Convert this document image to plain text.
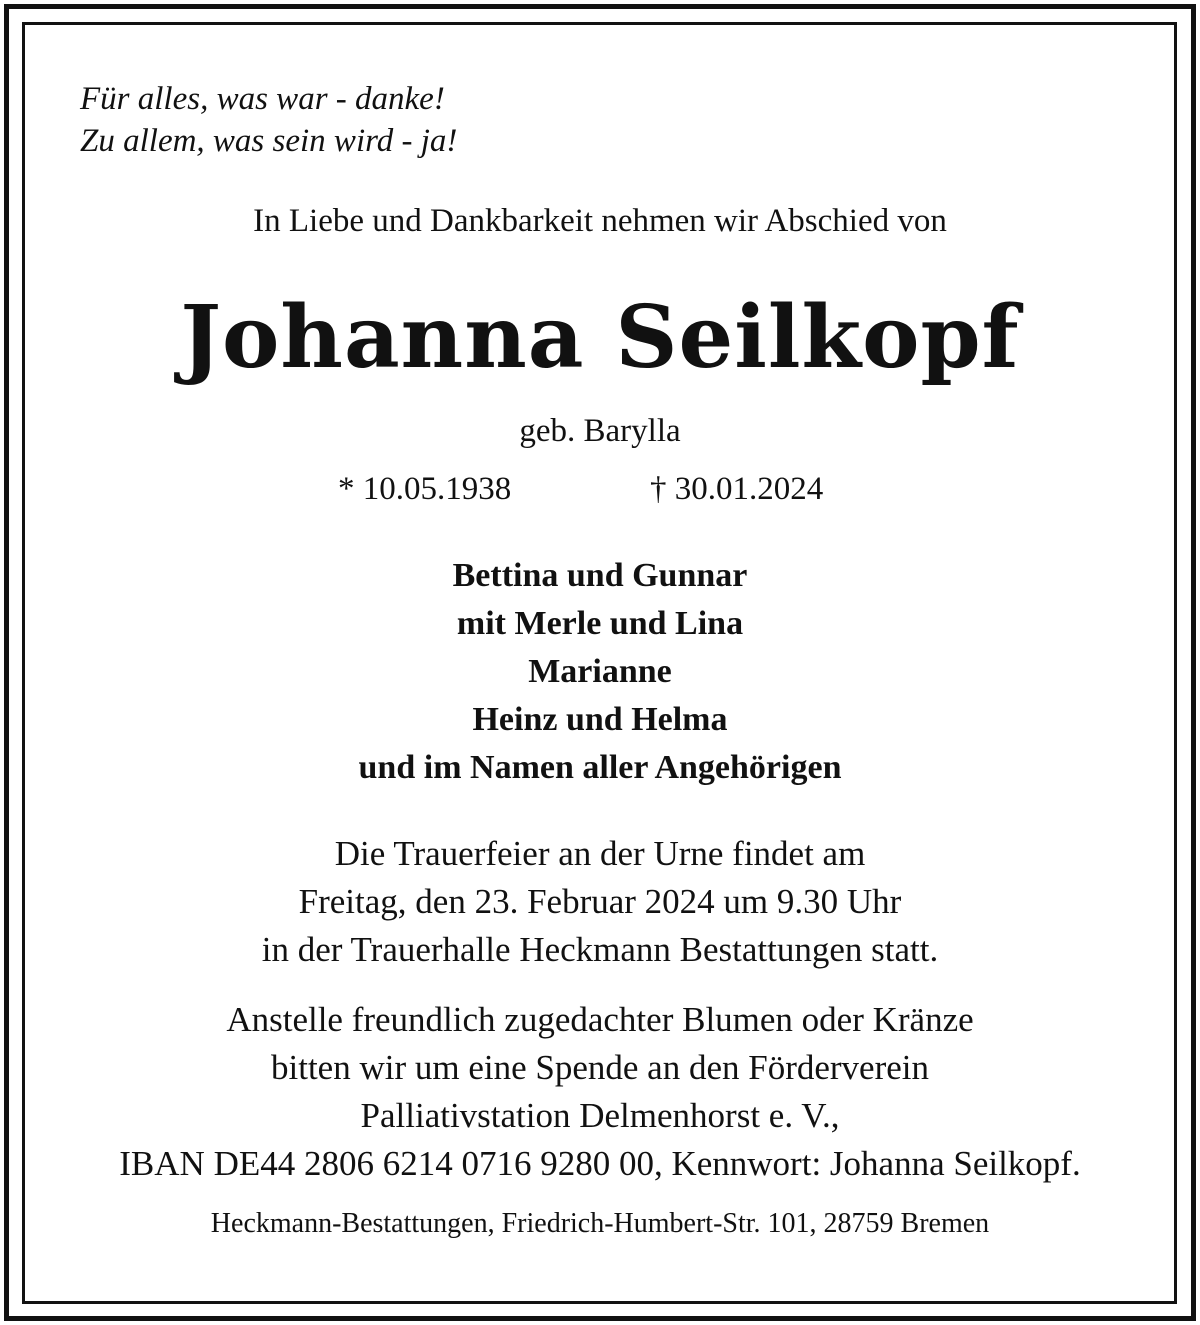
Für alles, was war - danke!
Zu allem, was sein wird - ja!

In Liebe und Dankbarkeit nehmen wir Abschied von

Johanna Seilkopf

geb. Barylla

* 10.05.1938	† 30.01.2024

Bettina und Gunnar
mit Merle und Lina
Marianne
Heinz und Helma
und im Namen aller Angehörigen
Die Trauerfeier an der Urne findet am
Freitag, den 23. Februar 2024 um 9.30 Uhr
in der Trauerhalle Heckmann Bestattungen statt.
Anstelle freundlich zugedachter Blumen oder Kränze
bitten wir um eine Spende an den Förderverein
Palliativstation Delmenhorst e. V.,
IBAN DE44 2806 6214 0716 9280 00, Kennwort: Johanna Seilkopf.

Heckmann-Bestattungen, Friedrich-Humbert-Str. 101, 28759 Bremen
